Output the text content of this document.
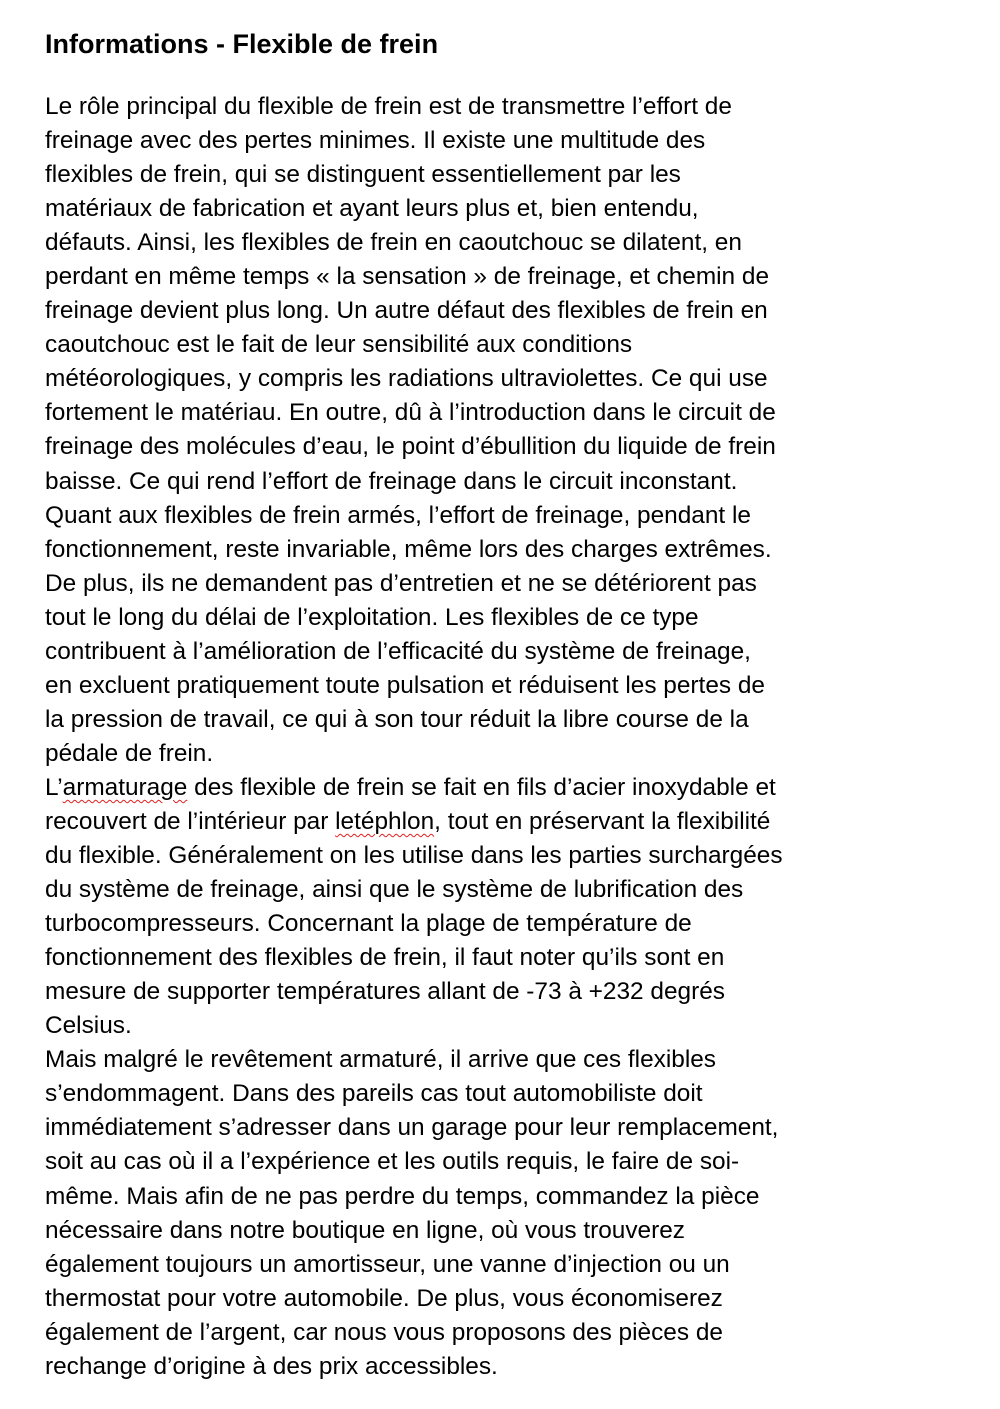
Informations - Flexible de frein

Le rôle principal du flexible de frein est de transmettre l’effort de
freinage avec des pertes minimes. Il existe une multitude des
flexibles de frein, qui se distinguent essentiellement par les
matériaux de fabrication et ayant leurs plus et, bien entendu,
défauts. Ainsi, les flexibles de frein en caoutchouc se dilatent, en
perdant en même temps « la sensation » de freinage, et chemin de
freinage devient plus long. Un autre défaut des flexibles de frein en
caoutchouc est le fait de leur sensibilité aux conditions
météorologiques, y compris les radiations ultraviolettes. Ce qui use
fortement le matériau. En outre, dû à l’introduction dans le circuit de
freinage des molécules d’eau, le point d’ébullition du liquide de frein
baisse. Ce qui rend l’effort de freinage dans le circuit inconstant.
Quant aux flexibles de frein armés, l’effort de freinage, pendant le
fonctionnement, reste invariable, même lors des charges extrêmes.
De plus, ils ne demandent pas d’entretien et ne se détériorent pas
tout le long du délai de l’exploitation. Les flexibles de ce type
contribuent à l’amélioration de l’efficacité du système de freinage,
en excluent pratiquement toute pulsation et réduisent les pertes de
la pression de travail, ce qui à son tour réduit la libre course de la
pédale de frein.

L’armaturage des flexible de frein se fait en fils d’acier inoxydable et
recouvert de l’intérieur par letéphlon, tout en préservant la flexibilité
du flexible. Généralement on les utilise dans les parties surchargées
du système de freinage, ainsi que le système de lubrification des
turbocompresseurs. Concernant la plage de température de
fonctionnement des flexibles de frein, il faut noter qu’ils sont en
mesure de supporter températures allant de -73 à +232 degrés
Celsius.

Mais malgré le revêtement armaturé, il arrive que ces flexibles
s’endommagent. Dans des pareils cas tout automobiliste doit
immédiatement s’adresser dans un garage pour leur remplacement,
soit au cas où il a l’expérience et les outils requis, le faire de soi-
même. Mais afin de ne pas perdre du temps, commandez la pièce
nécessaire dans notre boutique en ligne, où vous trouverez
également toujours un amortisseur, une vanne d’injection ou un
thermostat pour votre automobile. De plus, vous économiserez
également de l’argent, car nous vous proposons des pièces de
rechange d’origine à des prix accessibles.
